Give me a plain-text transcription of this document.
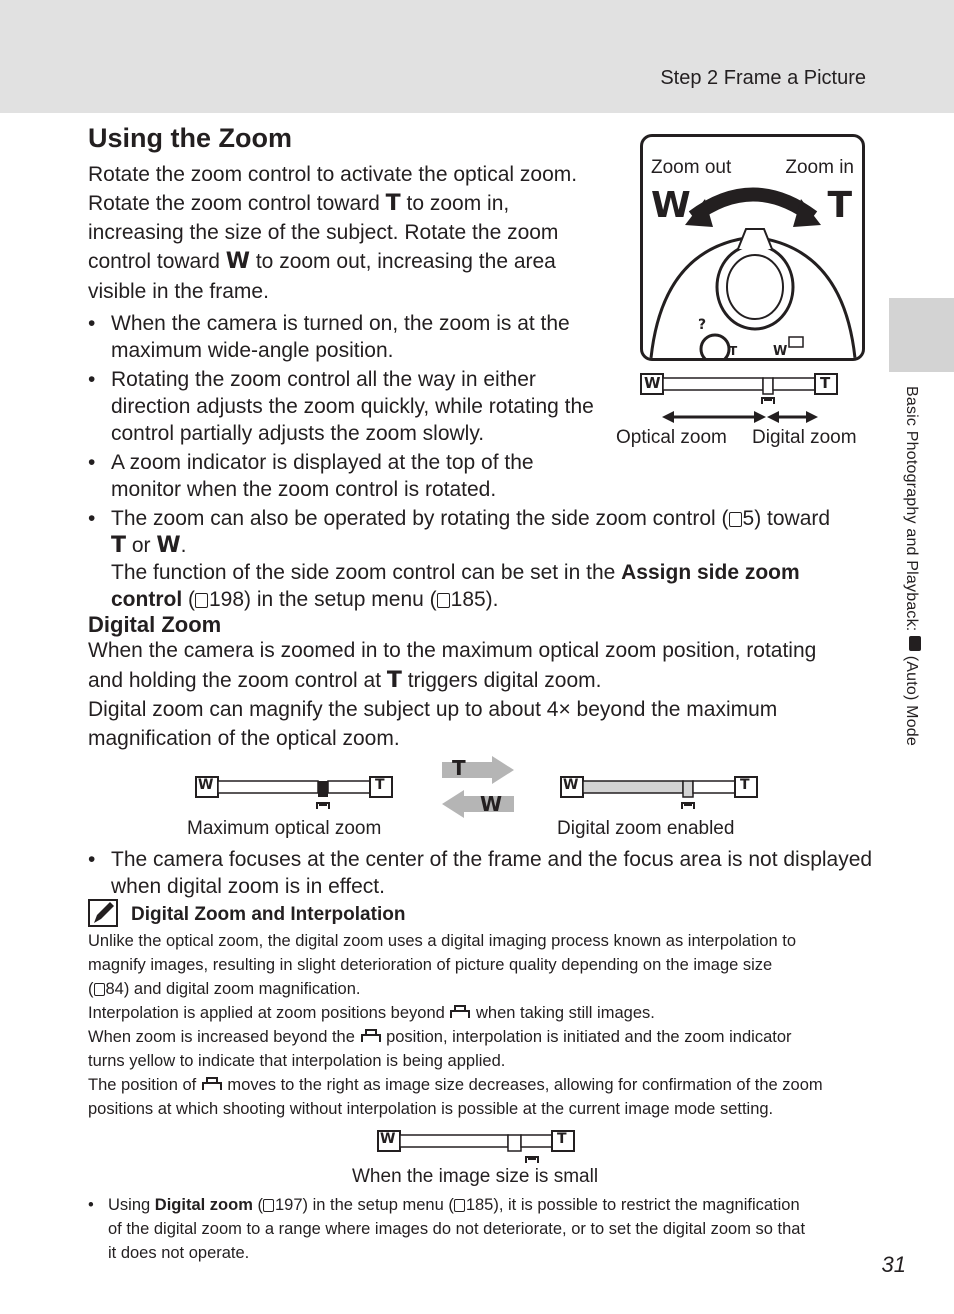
Step 2 Frame a Picture
Basic Photography and Playback:  (Auto) Mode
Using the Zoom
Rotate the zoom control to activate the optical zoom.
Rotate the zoom control toward T to zoom in,
increasing the size of the subject. Rotate the zoom
control toward W to zoom out, increasing the area
visible in the frame.
• When the camera is turned on, the zoom is at the
maximum wide-angle position.
• Rotating the zoom control all the way in either
direction adjusts the zoom quickly, while rotating the
control partially adjusts the zoom slowly.
• A zoom indicator is displayed at the top of the
monitor when the zoom control is rotated.
• The zoom can also be operated by rotating the side zoom control ( 5) toward
T or W.
The function of the side zoom control can be set in the Assign side zoom
control ( 198) in the setup menu ( 185).
Zoom out	Zoom in
W	T
?
T	W
W	T
Optical zoom Digital zoom
Digital Zoom
When the camera is zoomed in to the maximum optical zoom position, rotating
and holding the zoom control at T triggers digital zoom.
Digital zoom can magnify the subject up to about 4× beyond the maximum
magnification of the optical zoom.
W	T
Maximum optical zoom
T
W
W	T
Digital zoom enabled
• The camera focuses at the center of the frame and the focus area is not displayed
when digital zoom is in effect.
Digital Zoom and Interpolation
Unlike the optical zoom, the digital zoom uses a digital imaging process known as interpolation to
magnify images, resulting in slight deterioration of picture quality depending on the image size
( 84) and digital zoom magnification.
Interpolation is applied at zoom positions beyond  when taking still images.
When zoom is increased beyond the  position, interpolation is initiated and the zoom indicator
turns yellow to indicate that interpolation is being applied.
The position of  moves to the right as image size decreases, allowing for confirmation of the zoom
positions at which shooting without interpolation is possible at the current image mode setting.
W	T
When the image size is small
• Using Digital zoom ( 197) in the setup menu ( 185), it is possible to restrict the magnification
of the digital zoom to a range where images do not deteriorate, or to set the digital zoom so that
it does not operate.	31
